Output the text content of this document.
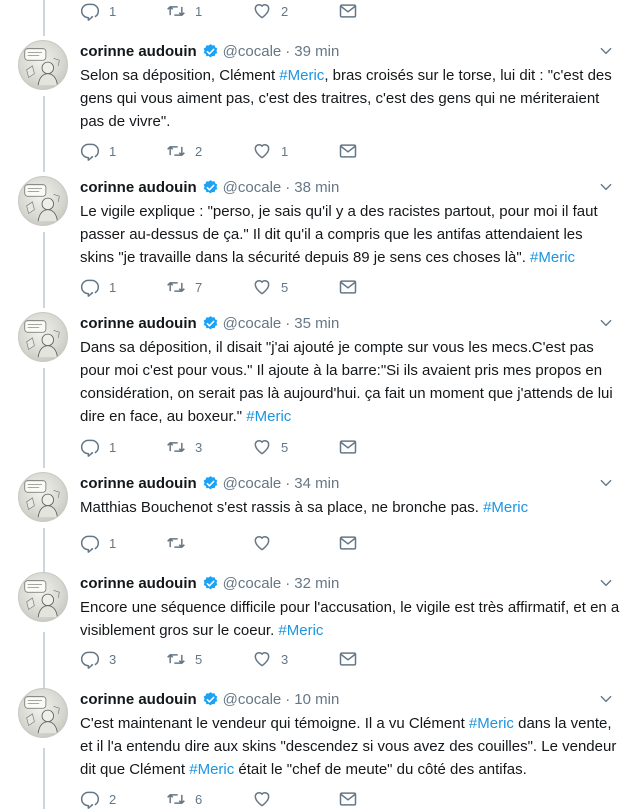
1	1	2
corinne audouin @cocale · 39 min
Selon sa déposition, Clément #Meric, bras croisés sur le torse, lui dit : "c'est des gens qui vous aiment pas, c'est des traitres, c'est des gens qui ne mériteraient pas de vivre".
1	2	1
corinne audouin @cocale · 38 min
Le vigile explique : "perso, je sais qu'il y a des racistes partout, pour moi il faut passer au-dessus de ça." Il dit qu'il a compris que les antifas attendaient les skins "je travaille dans la sécurité depuis 89 je sens ces choses là". #Meric
1	7	5
corinne audouin @cocale · 35 min
Dans sa déposition, il disait "j'ai ajouté je compte sur vous les mecs.C'est pas pour moi c'est pour vous." Il ajoute à la barre:"Si ils avaient pris mes propos en considération, on serait pas là aujourd'hui. ça fait un moment que j'attends de lui dire en face, au boxeur." #Meric
1	3	5
corinne audouin @cocale · 34 min
Matthias Bouchenot s'est rassis à sa place, ne bronche pas. #Meric
1
corinne audouin @cocale · 32 min
Encore une séquence difficile pour l'accusation, le vigile est très affirmatif, et en a visiblement gros sur le coeur. #Meric
3	5	3
corinne audouin @cocale · 10 min
C'est maintenant le vendeur qui témoigne. Il a vu Clément #Meric dans la vente, et il l'a entendu dire aux skins "descendez si vous avez des couilles". Le vendeur dit que Clément #Meric était le "chef de meute" du côté des antifas.
2	6
